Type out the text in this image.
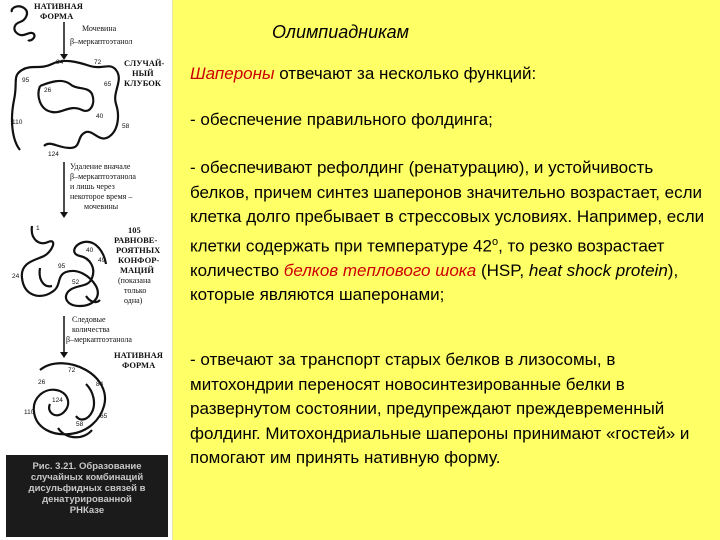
НАТИВНАЯ
ФОРМА
Мочевина
β–меркаптоэтанол
84	72
95
26
65
40
110
58
124
СЛУЧАЙ-
НЫЙ
КЛУБОК
Удаление вначале
β–меркаптоэтанола
и лишь через
некоторое время –
мочевины
1
95
49
24
52
40
105
РАВНОВЕ-
РОЯТНЫХ
КОНФОР-
МАЦИЙ
(показана
только
одна)
Следовые
количества
β–меркаптоэтанола
НАТИВНАЯ
ФОРМА
72
26	84
124
110
65
58
Рис. 3.21. Образование
случайных комбинаций
дисульфидных связей в
денатурированной
РНКазе
Олимпиадникам
Шапероны отвечают за несколько функций:
- обеспечение правильного фолдинга;
- обеспечивают рефолдинг (ренатурацию), и устойчивость белков, причем синтез шаперонов значительно возрастает, если клетка долго пребывает в стрессовых условиях. Например, если клетки содержать при температуре $42^о$, то резко возрастает количество белков теплового шока (HSP, heat shock protein), которые являются шаперонами;
- отвечают за транспорт старых белков в лизосомы, в митохондрии переносят новосинтезированные белки в развернутом состоянии, предупреждают преждевременный фолдинг. Митохондриальные шапероны принимают «гостей» и помогают им принять нативную форму.
